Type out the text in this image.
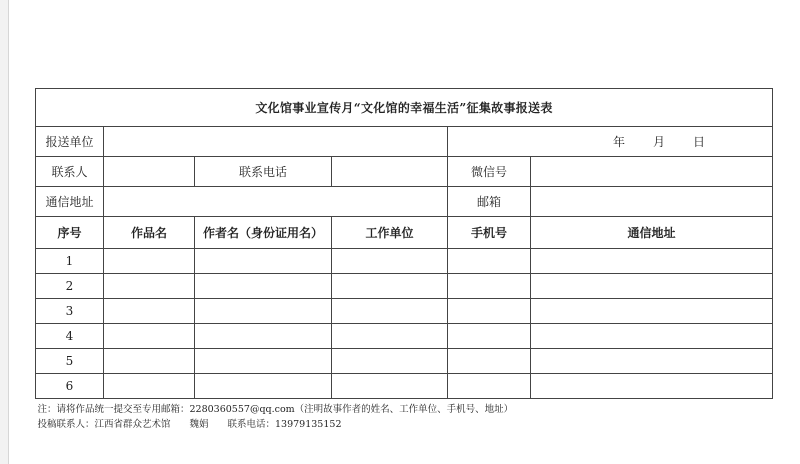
文化馆事业宣传月“文化馆的幸福生活”征集故事报送表					
报送单位				年 月 日	
联系人		联系电话		微信号	
通信地址				邮箱	
序号	作品名	作者名（身份证用名）	工作单位	手机号	通信地址
1					
2					
3					
4					
5					
6					

注：请将作品统一提交至专用邮箱：2280360557@qq.com（注明故事作者的姓名、工作单位、手机号、地址）
投稿联系人：江西省群众艺术馆　　魏娟　　联系电话：13979135152					
